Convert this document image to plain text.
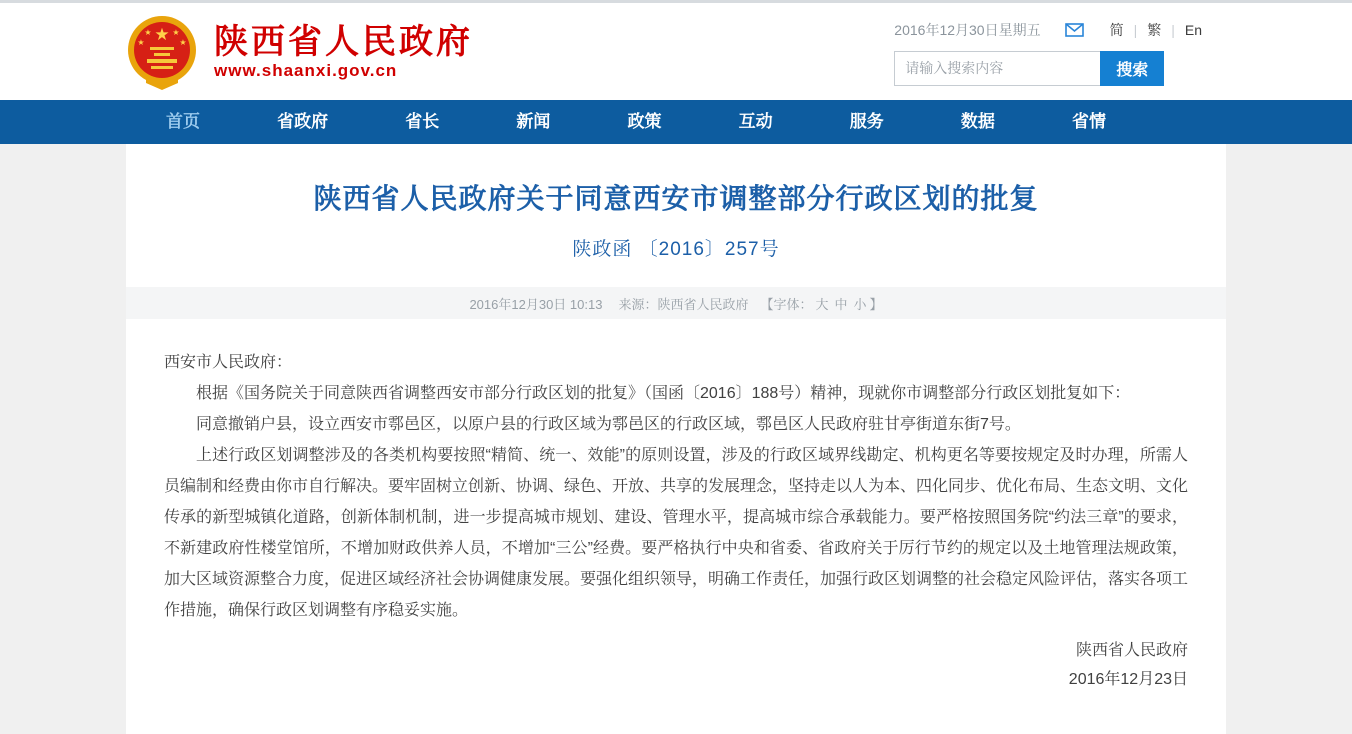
★
★	★
★	★ 陕西省人民政府
www.shaanxi.gov.cn
2016年12月30日星期五	简 | 繁 | En
请输入搜索内容
搜索
首页	省政府	省长	新闻	政策	互动	服务	数据	省情
陕西省人民政府关于同意西安市调整部分行政区划的批复
陕政函 〔2016〕257号
2016年12月30日 10:13 来源：陕西省人民政府 【字体： 大 中 小 】

西安市人民政府：

根据《国务院关于同意陕西省调整西安市部分行政区划的批复》（国函〔2016〕188号）精神，现就你市调整部分行政区划批复如下：

同意撤销户县，设立西安市鄠邑区，以原户县的行政区域为鄠邑区的行政区域，鄠邑区人民政府驻甘亭街道东街7号。

上述行政区划调整涉及的各类机构要按照“精简、统一、效能”的原则设置，涉及的行政区域界线勘定、机构更名等要按规定及时办理，所需人员编制和经费由你市自行解决。要牢固树立创新、协调、绿色、开放、共享的发展理念，坚持走以人为本、四化同步、优化布局、生态文明、文化传承的新型城镇化道路，创新体制机制，进一步提高城市规划、建设、管理水平，提高城市综合承载能力。要严格按照国务院“约法三章”的要求，不新建政府性楼堂馆所，不增加财政供养人员，不增加“三公”经费。要严格执行中央和省委、省政府关于厉行节约的规定以及土地管理法规政策，加大区域资源整合力度，促进区域经济社会协调健康发展。要强化组织领导，明确工作责任，加强行政区划调整的社会稳定风险评估，落实各项工作措施，确保行政区划调整有序稳妥实施。

陕西省人民政府

2016年12月23日
